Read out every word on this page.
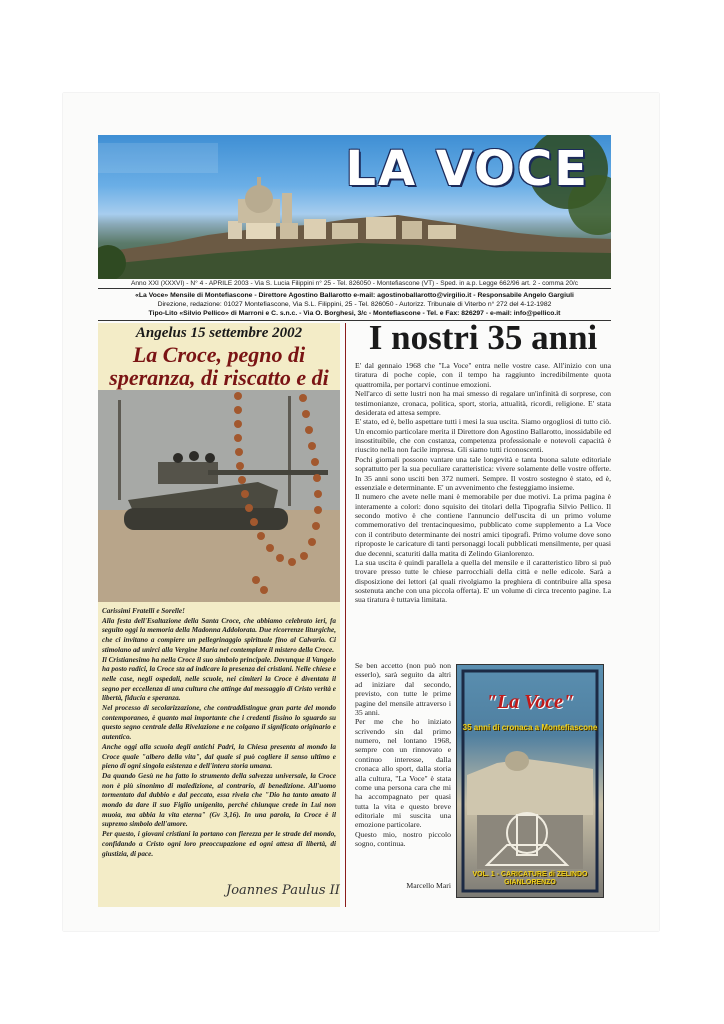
LA VOCE
Anno XXI (XXXVI) - N° 4 - APRILE 2003 - Via S. Lucia Filippini n° 25 - Tel. 826050 - Montefiascone (VT) - Sped. in a.p. Legge 662/96 art. 2 - comma 20/c
«La Voce» Mensile di Montefiascone - Direttore Agostino Ballarotto e-mail: agostinoballarotto@virgilio.it - Responsabile Angelo Gargiuli
Direzione, redazione: 01027 Montefiascone, Via S.L. Filippini, 25 - Tel. 826050 - Autorizz. Tribunale di Viterbo n° 272 del 4-12-1982
Tipo-Lito «Silvio Pellico» di Marroni e C. s.n.c. - Via O. Borghesi, 3/c - Montefiascone - Tel. e Fax: 826297 - e-mail: info@pellico.it
Angelus 15 settembre 2002
La Croce, pegno di speranza, di riscatto e di

Carissimi Fratelli e Sorelle!

Alla festa dell'Esaltazione della Santa Croce, che abbiamo celebrato ieri, fa seguito oggi la memoria della Madonna Addolorata. Due ricorrenze liturgiche, che ci invitano a compiere un pellegrinaggio spirituale fino al Calvario. Ci stimolano ad unirci alla Vergine Maria nel contemplare il mistero della Croce.

Il Cristianesimo ha nella Croce il suo simbolo principale. Dovunque il Vangelo ha posto radici, la Croce sta ad indicare la presenza dei cristiani. Nelle chiese e nelle case, negli ospedali, nelle scuole, nei cimiteri la Croce è diventata il segno per eccellenza di una cultura che attinge dal messaggio di Cristo verità e libertà, fiducia e speranza.

Nel processo di secolarizzazione, che contraddistingue gran parte del mondo contemporaneo, è quanto mai importante che i credenti fissino lo sguardo su questo segno centrale della Rivelazione e ne colgano il significato originario e autentico.

Anche oggi alla scuola degli antichi Padri, la Chiesa presenta al mondo la Croce quale "albero della vita", dal quale si può cogliere il senso ultimo e pieno di ogni singola esistenza e dell'intera storia umana.

Da quando Gesù ne ha fatto lo strumento della salvezza universale, la Croce non è più sinonimo di maledizione, al contrario, di benedizione. All'uomo tormentato dal dubbio e dal peccato, essa rivela che "Dio ha tanto amato il mondo da dare il suo Figlio unigenito, perché chiunque crede in Lui non muoia, ma abbia la vita eterna" (Gv 3,16). In una parola, la Croce è il supremo simbolo dell'amore.

Per questo, i giovani cristiani la portano con fierezza per le strade del mondo, confidando a Cristo ogni loro preoccupazione ed ogni attesa di libertà, di giustizia, di pace.

Joannes Paulus II
I nostri 35 anni

E' dal gennaio 1968 che "La Voce" entra nelle vostre case. All'inizio con una tiratura di poche copie, con il tempo ha raggiunto incredibilmente quota quattromila, per portarvi continue emozioni.

Nell'arco di sette lustri non ha mai smesso di regalare un'infinità di sorprese, con testimonianze, cronaca, politica, sport, storia, attualità, ricordi, religione. E' stata desiderata ed attesa sempre.

E' stato, ed è, bello aspettare tutti i mesi la sua uscita. Siamo orgogliosi di tutto ciò. Un encomio particolare merita il Direttore don Agostino Ballarotto, inossidabile ed insostituibile, che con costanza, competenza professionale e notevoli capacità è riuscito nella non facile impresa. Gli siamo tutti riconoscenti.

Pochi giornali possono vantare una tale longevità e tanta buona salute editoriale soprattutto per la sua peculiare caratteristica: vivere solamente delle vostre offerte. In 35 anni sono usciti ben 372 numeri. Sempre. Il vostro sostegno è stato, ed è, essenziale e determinante. E' un avvenimento che festeggiamo insieme.

Il numero che avete nelle mani è memorabile per due motivi. La prima pagina è interamente a colori: dono squisito dei titolari della Tipografia Silvio Pellico. Il secondo motivo è che contiene l'annuncio dell'uscita di un primo volume commemorativo del trentacinquesimo, pubblicato come supplemento a La Voce con il contributo determinante dei nostri amici tipografi. Primo volume dove sono riproposte le caricature di tanti personaggi locali pubblicati mensilmente, per quasi due decenni, scaturiti dalla matita di Zelindo Gianlorenzo.

La sua uscita è quindi parallela a quella del mensile e il caratteristico libro si può trovare presso tutte le chiese parrocchiali della città e nelle edicole. Sarà a disposizione dei lettori (al quali rivolgiamo la preghiera di contribuire alla spesa sostenuta anche con una piccola offerta). E' un volume di circa trecento pagine. La sua tiratura è tuttavia limitata.

Se ben accetto (non può non esserlo), sarà seguito da altri ad iniziare dal secondo, previsto, con tutte le prime pagine del mensile attraverso i 35 anni.

Per me che ho iniziato scrivendo sin dal primo numero, nel lontano 1968, sempre con un rinnovato e continuo interesse, dalla cronaca allo sport, dalla storia alla cultura, "La Voce" è stata come una persona cara che mi ha accompagnato per quasi tutta la vita e questo breve editoriale mi suscita una emozione particolare.

Questo mio, nostro piccolo sogno, continua.

Marcello Mari
"La Voce"
35 anni di cronaca a Montefiascone
VOL. 1 - CARICATURE di ZELINDO GIANLORENZO
